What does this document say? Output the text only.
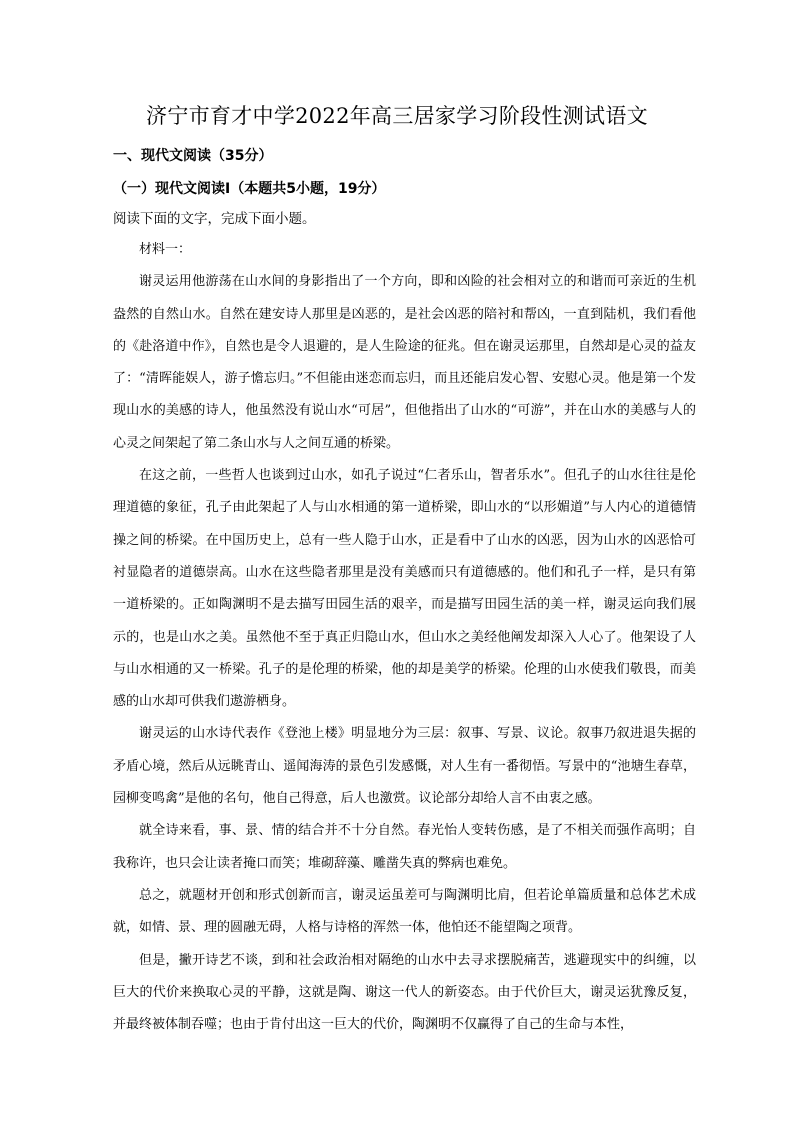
济宁市育才中学2022年高三居家学习阶段性测试语文
一、现代文阅读（35分）
（一）现代文阅读Ⅰ（本题共5小题，19分）
阅读下面的文字，完成下面小题。

材料一：

谢灵运用他游荡在山水间的身影指出了一个方向，即和凶险的社会相对立的和谐而可亲近的生机盎然的自然山水。自然在建安诗人那里是凶恶的，是社会凶恶的陪衬和帮凶，一直到陆机，我们看他的《赴洛道中作》，自然也是令人退避的，是人生险途的征兆。但在谢灵运那里，自然却是心灵的益友了：“清晖能娱人，游子憺忘归。”不但能由迷恋而忘归，而且还能启发心智、安慰心灵。他是第一个发现山水的美感的诗人，他虽然没有说山水“可居”，但他指出了山水的“可游”，并在山水的美感与人的心灵之间架起了第二条山水与人之间互通的桥梁。

在这之前，一些哲人也谈到过山水，如孔子说过“仁者乐山，智者乐水”。但孔子的山水往往是伦理道德的象征，孔子由此架起了人与山水相通的第一道桥梁，即山水的“以形媚道”与人内心的道德情操之间的桥梁。在中国历史上，总有一些人隐于山水，正是看中了山水的凶恶，因为山水的凶恶恰可衬显隐者的道德崇高。山水在这些隐者那里是没有美感而只有道德感的。他们和孔子一样，是只有第一道桥梁的。正如陶渊明不是去描写田园生活的艰辛，而是描写田园生活的美一样，谢灵运向我们展示的，也是山水之美。虽然他不至于真正归隐山水，但山水之美经他阐发却深入人心了。他架设了人与山水相通的又一桥梁。孔子的是伦理的桥梁，他的却是美学的桥梁。伦理的山水使我们敬畏，而美感的山水却可供我们遨游栖身。

谢灵运的山水诗代表作《登池上楼》明显地分为三层：叙事、写景、议论。叙事乃叙进退失据的矛盾心境，然后从远眺青山、遥闻海涛的景色引发感慨，对人生有一番彻悟。写景中的“池塘生春草，园柳变鸣禽”是他的名句，他自己得意，后人也激赏。议论部分却给人言不由衷之感。

就全诗来看，事、景、情的结合并不十分自然。春光怡人变转伤感，是了不相关而强作高明；自我称许，也只会让读者掩口而笑；堆砌辞藻、雕凿失真的弊病也难免。

总之，就题材开创和形式创新而言，谢灵运虽差可与陶渊明比肩，但若论单篇质量和总体艺术成就，如情、景、理的圆融无碍，人格与诗格的浑然一体，他怕还不能望陶之项背。

但是，撇开诗艺不谈，到和社会政治相对隔绝的山水中去寻求摆脱痛苦，逃避现实中的纠缠，以巨大的代价来换取心灵的平静，这就是陶、谢这一代人的新姿态。由于代价巨大，谢灵运犹豫反复，并最终被体制吞噬；也由于肯付出这一巨大的代价，陶渊明不仅赢得了自己的生命与本性，
